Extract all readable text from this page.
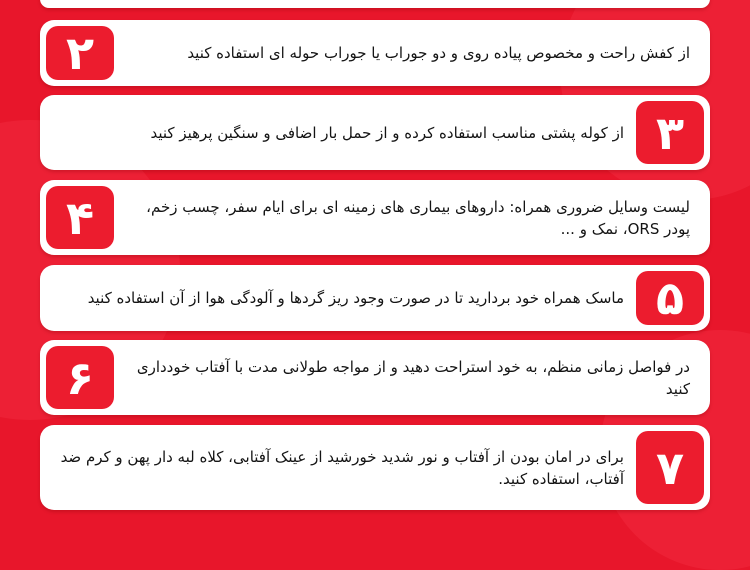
۲	از کفش راحت و مخصوص پیاده روی و دو جوراب یا جوراب حوله ای استفاده کنید
۳
از کوله پشتی مناسب استفاده کرده و از حمل بار اضافی و سنگین پرهیز کنید
۴	لیست وسایل ضروری همراه: داروهای بیماری های زمینه ای برای ایام سفر، چسب زخم، پودر ORS، نمک و ...
۵
ماسک همراه خود بردارید تا در صورت وجود ریز گردها و آلودگی هوا از آن استفاده کنید
۶	در فواصل زمانی منظم، به خود استراحت دهید و از مواجه طولانی مدت با آفتاب خودداری کنید
۷
برای در امان بودن از آفتاب و نور شدید خورشید از عینک آفتابی، کلاه لبه دار پهن و کرم ضد آفتاب، استفاده کنید.
